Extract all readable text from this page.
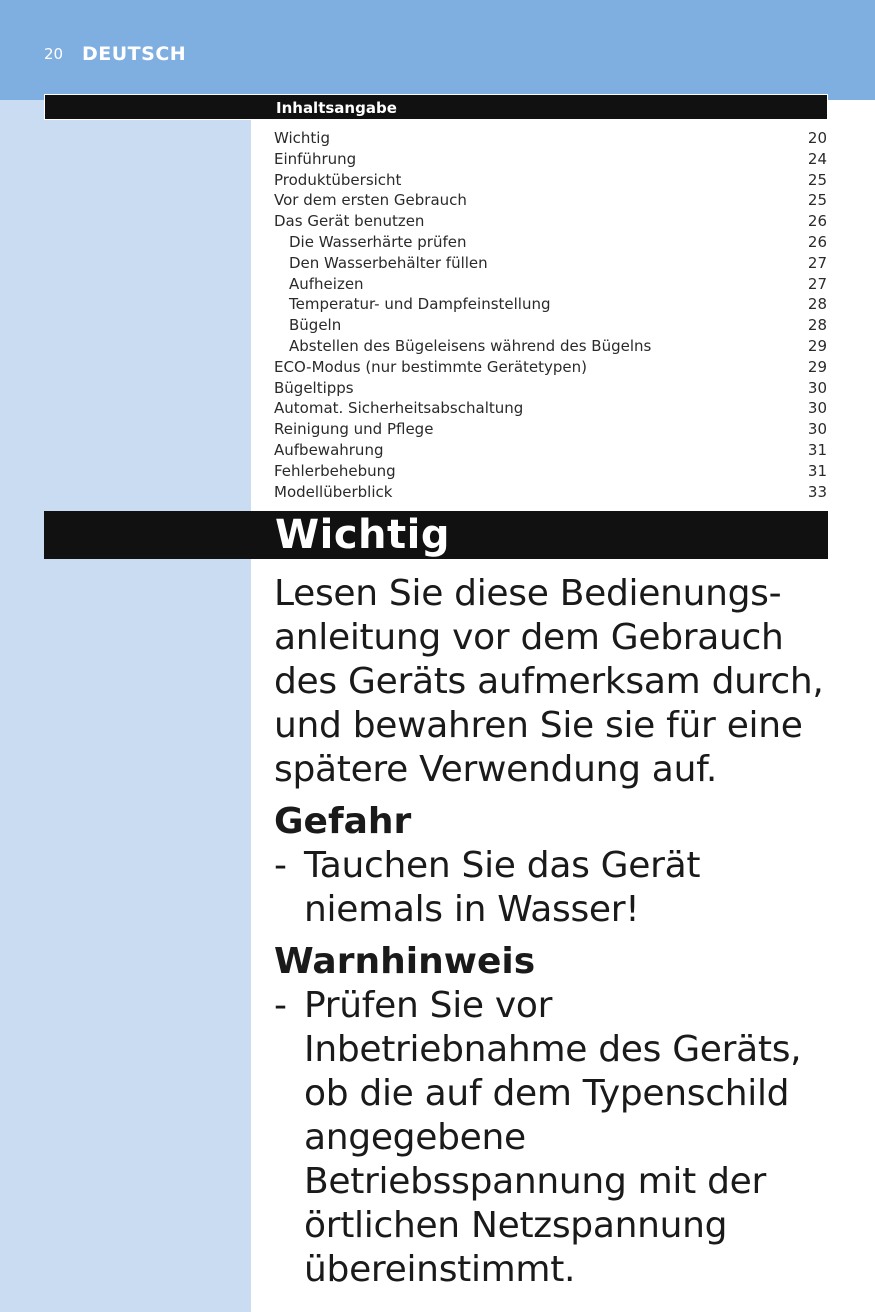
20 DEUTSCH
Inhaltsangabe
Wichtig	20
Einführung	24
Produktübersicht	25
Vor dem ersten Gebrauch	25
Das Gerät benutzen	26
Die Wasserhärte prüfen	26
Den Wasserbehälter füllen	27
Aufheizen	27
Temperatur- und Dampfeinstellung	28
Bügeln	28
Abstellen des Bügeleisens während des Bügelns	29
ECO-Modus (nur bestimmte Gerätetypen)	29
Bügeltipps	30
Automat. Sicherheitsabschaltung	30
Reinigung und Pflege	30
Aufbewahrung	31
Fehlerbehebung	31
Modellüberblick	33
Wichtig

Lesen Sie diese Bedienungsanleitung vor dem Gebrauch des Geräts aufmerksam durch, und bewahren Sie sie für eine spätere Verwendung auf.

Gefahr
- Tauchen Sie das Gerät niemals in Wasser!
Warnhinweis
- Prüfen Sie vor Inbetriebnahme des Geräts, ob die auf dem Typenschild angegebene Betriebsspannung mit der örtlichen Netzspannung übereinstimmt.
